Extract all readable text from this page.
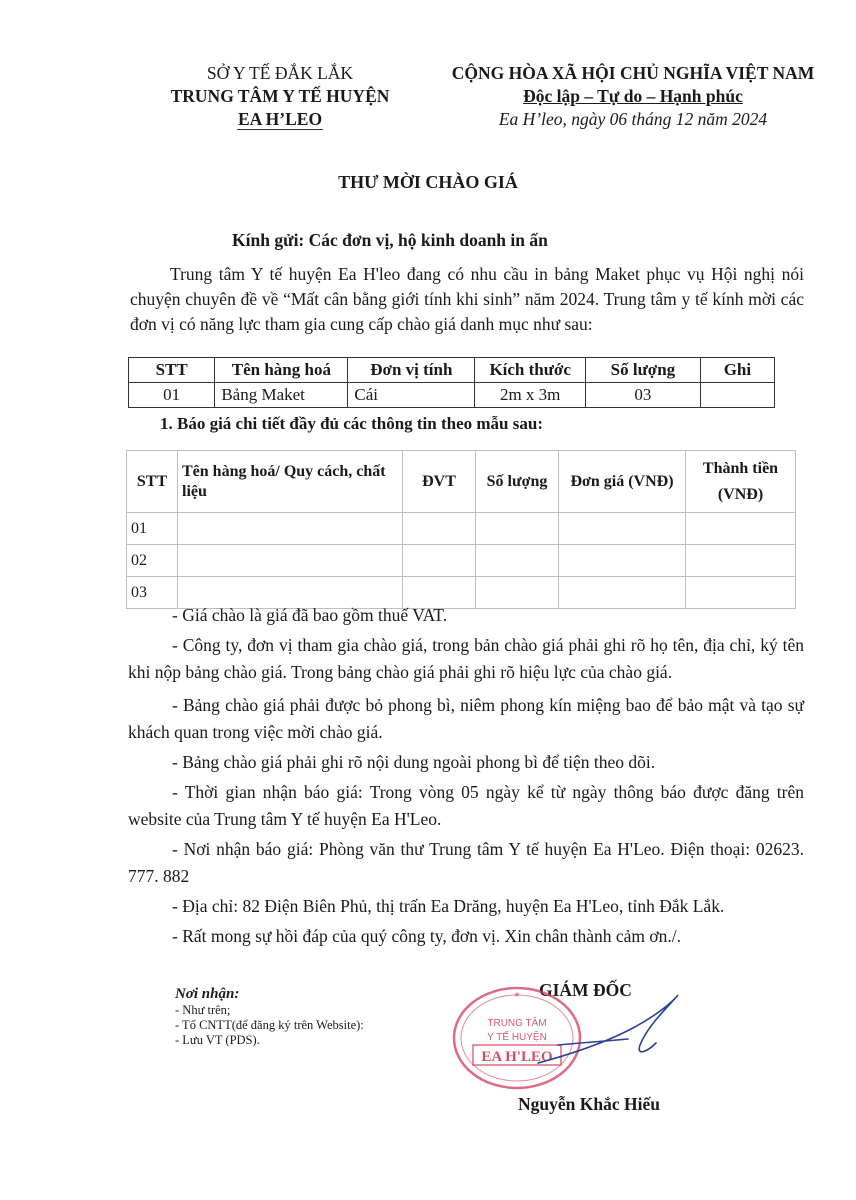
SỞ Y TẾ ĐẮK LẮK
TRUNG TÂM Y TẾ HUYỆN
EA H’LEO
CỘNG HÒA XÃ HỘI CHỦ NGHĨA VIỆT NAM
Độc lập – Tự do – Hạnh phúc
Ea H’leo, ngày 06 tháng 12 năm 2024
THƯ MỜI CHÀO GIÁ
Kính gửi: Các đơn vị, hộ kinh doanh in ấn
Trung tâm Y tế huyện Ea H'leo đang có nhu cầu in bảng Maket phục vụ Hội nghị nói chuyện chuyên đề về “Mất cân bằng giới tính khi sinh” năm 2024. Trung tâm y tế kính mời các đơn vị có năng lực tham gia cung cấp chào giá danh mục như sau:
STT	Tên hàng hoá	Đơn vị tính	Kích thước	Số lượng	Ghi
01	Bảng Maket	Cái	2m x 3m	03	
1. Báo giá chi tiết đầy đủ các thông tin theo mẫu sau:
STT	Tên hàng hoá/ Quy cách, chất liệu	ĐVT	Số lượng	Đơn giá (VNĐ)	Thành tiền (VNĐ)
01					
02					
03					
- Giá chào là giá đã bao gồm thuế VAT.
- Công ty, đơn vị tham gia chào giá, trong bản chào giá phải ghi rõ họ tên, địa chỉ, ký tên khi nộp bảng chào giá. Trong bảng chào giá phải ghi rõ hiệu lực của chào giá.
- Bảng chào giá phải được bỏ phong bì, niêm phong kín miệng bao để bảo mật và tạo sự khách quan trong việc mời chào giá.
- Bảng chào giá phải ghi rõ nội dung ngoài phong bì để tiện theo dõi.
- Thời gian nhận báo giá: Trong vòng 05 ngày kể từ ngày thông báo được đăng trên website của Trung tâm Y tế huyện Ea H'Leo.
- Nơi nhận báo giá: Phòng văn thư Trung tâm Y tế huyện Ea H'Leo. Điện thoại: 02623. 777. 882
- Địa chỉ: 82 Điện Biên Phủ, thị trấn Ea Drăng, huyện Ea H'Leo, tỉnh Đắk Lắk.
- Rất mong sự hồi đáp của quý công ty, đơn vị. Xin chân thành cảm ơn./.
Nơi nhận:
- Như trên;
- Tổ CNTT(để đăng ký trên Website):
- Lưu VT (PDS).
GIÁM ĐỐC
TRUNG TÂM
Y TẾ HUYỆN
EA H'LEO
★
Nguyễn Khắc Hiếu
